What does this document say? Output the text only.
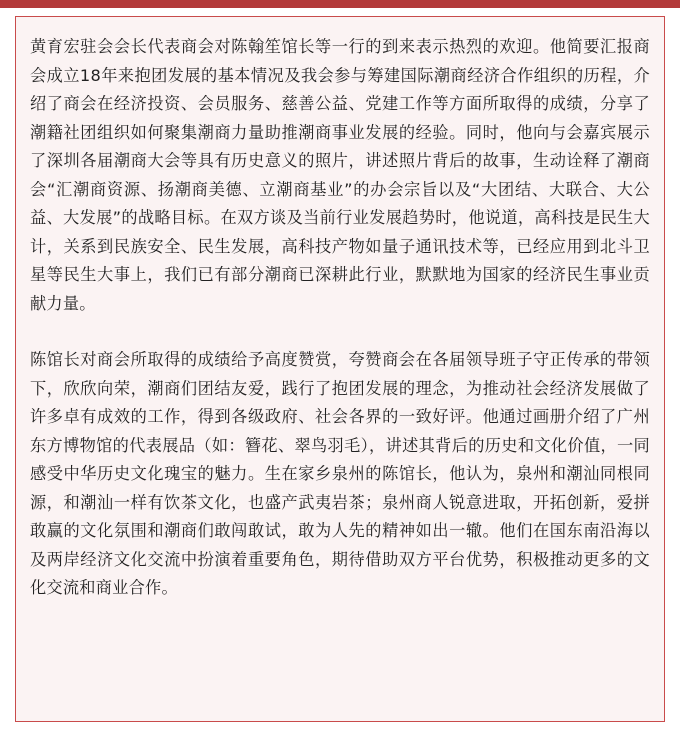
黄育宏驻会会长代表商会对陈翰笙馆长等一行的到来表示热烈的欢迎。他简要汇报商会成立18年来抱团发展的基本情况及我会参与筹建国际潮商经济合作组织的历程，介绍了商会在经济投资、会员服务、慈善公益、党建工作等方面所取得的成绩，分享了潮籍社团组织如何聚集潮商力量助推潮商事业发展的经验。同时，他向与会嘉宾展示了深圳各届潮商大会等具有历史意义的照片，讲述照片背后的故事，生动诠释了潮商会“汇潮商资源、扬潮商美德、立潮商基业”的办会宗旨以及“大团结、大联合、大公益、大发展”的战略目标。在双方谈及当前行业发展趋势时，他说道，高科技是民生大计，关系到民族安全、民生发展，高科技产物如量子通讯技术等，已经应用到北斗卫星等民生大事上，我们已有部分潮商已深耕此行业，默默地为国家的经济民生事业贡献力量。

陈馆长对商会所取得的成绩给予高度赞赏，夸赞商会在各届领导班子守正传承的带领下，欣欣向荣，潮商们团结友爱，践行了抱团发展的理念，为推动社会经济发展做了许多卓有成效的工作，得到各级政府、社会各界的一致好评。他通过画册介绍了广州东方博物馆的代表展品（如：簪花、翠鸟羽毛），讲述其背后的历史和文化价值，一同感受中华历史文化瑰宝的魅力。生在家乡泉州的陈馆长，他认为，泉州和潮汕同根同源，和潮汕一样有饮茶文化，也盛产武夷岩茶；泉州商人锐意进取，开拓创新，爱拼敢赢的文化氛围和潮商们敢闯敢试，敢为人先的精神如出一辙。他们在国东南沿海以及两岸经济文化交流中扮演着重要角色，期待借助双方平台优势，积极推动更多的文化交流和商业合作。
